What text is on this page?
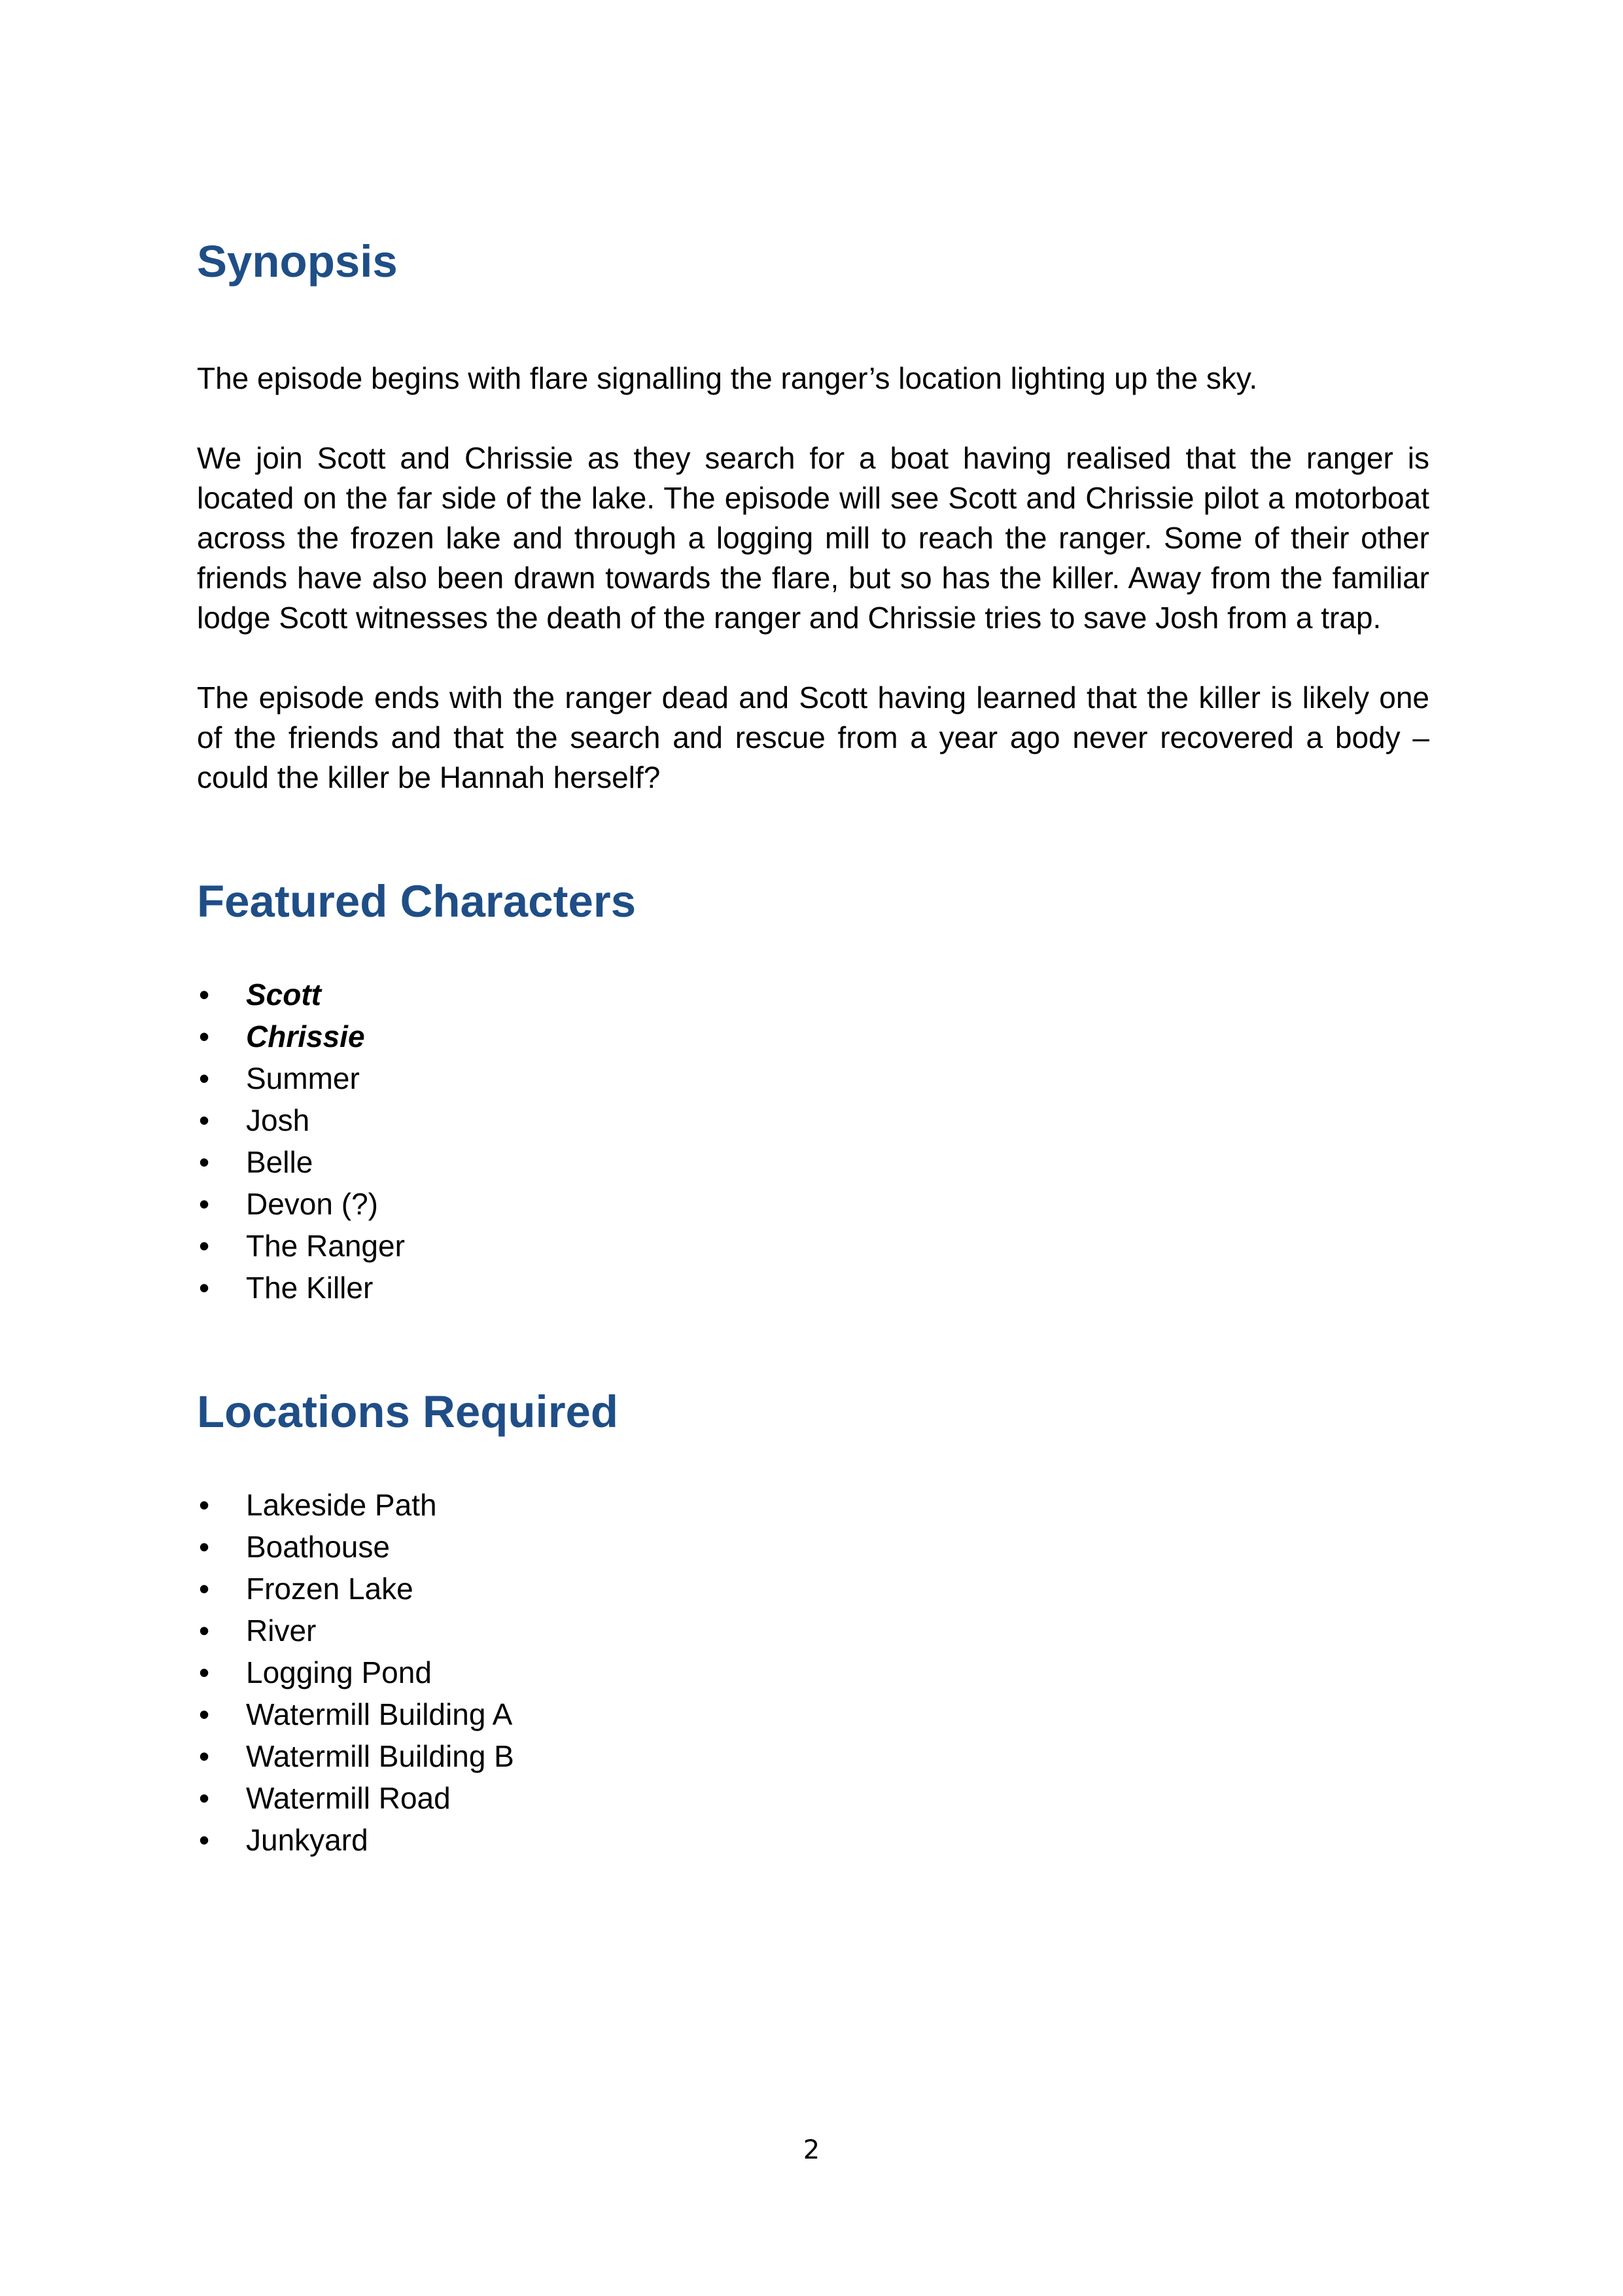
Synopsis

The episode begins with flare signalling the ranger’s location lighting up the sky.

We join Scott and Chrissie as they search for a boat having realised that the ranger is located on the far side of the lake. The episode will see Scott and Chrissie pilot a motorboat across the frozen lake and through a logging mill to reach the ranger. Some of their other friends have also been drawn towards the flare, but so has the killer. Away from the familiar lodge Scott witnesses the death of the ranger and Chrissie tries to save Josh from a trap.

The episode ends with the ranger dead and Scott having learned that the killer is likely one of the friends and that the search and rescue from a year ago never recovered a body – could the killer be Hannah herself?

Featured Characters
•	Scott
•	Chrissie
•	Summer
•	Josh
•	Belle
•	Devon (?)
•	The Ranger
•	The Killer
Locations Required
•	Lakeside Path
•	Boathouse
•	Frozen Lake
•	River
•	Logging Pond
•	Watermill Building A
•	Watermill Building B
•	Watermill Road
•	Junkyard
2
